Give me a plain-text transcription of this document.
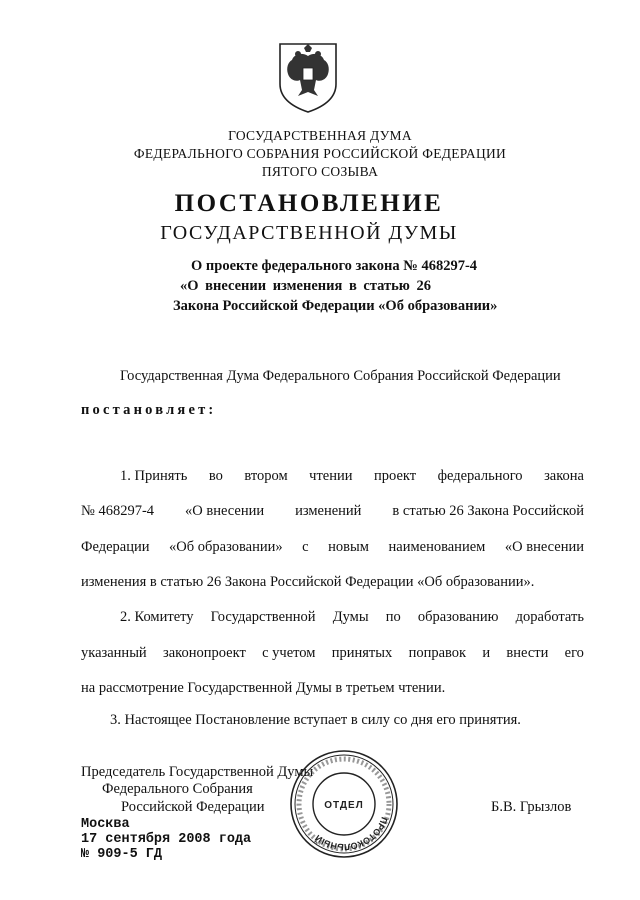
ГОСУДАРСТВЕННАЯ ДУМА
ФЕДЕРАЛЬНОГО СОБРАНИЯ РОССИЙСКОЙ ФЕДЕРАЦИИ
ПЯТОГО СОЗЫВА
ПОСТАНОВЛЕНИЕ
ГОСУДАРСТВЕННОЙ ДУМЫ
О проекте федерального закона № 468297-4
«О внесении изменения в статью 26
Закона Российской Федерации «Об образовании»
Государственная Дума Федерального Собрания Российской Федерации
постановляет:
1. Принять во втором чтении проект федерального закона
№ 468297-4 «О внесении изменений в статью 26 Закона Российской
Федерации «Об образовании» с новым наименованием «О внесении
изменения в статью 26 Закона Российской Федерации «Об образовании».
2. Комитету Государственной Думы по образованию доработать
указанный законопроект с учетом принятых поправок и внести его
на рассмотрение Государственной Думы в третьем чтении.
3. Настоящее Постановление вступает в силу со дня его принятия.
Председатель Государственной Думы
Федерального Собрания
Российской Федерации	Б.В. Грызлов
ПРОТОКОЛЬНЫЙ
ОТДЕЛ
Москва
17 сентября 2008 года
№ 909-5 ГД
